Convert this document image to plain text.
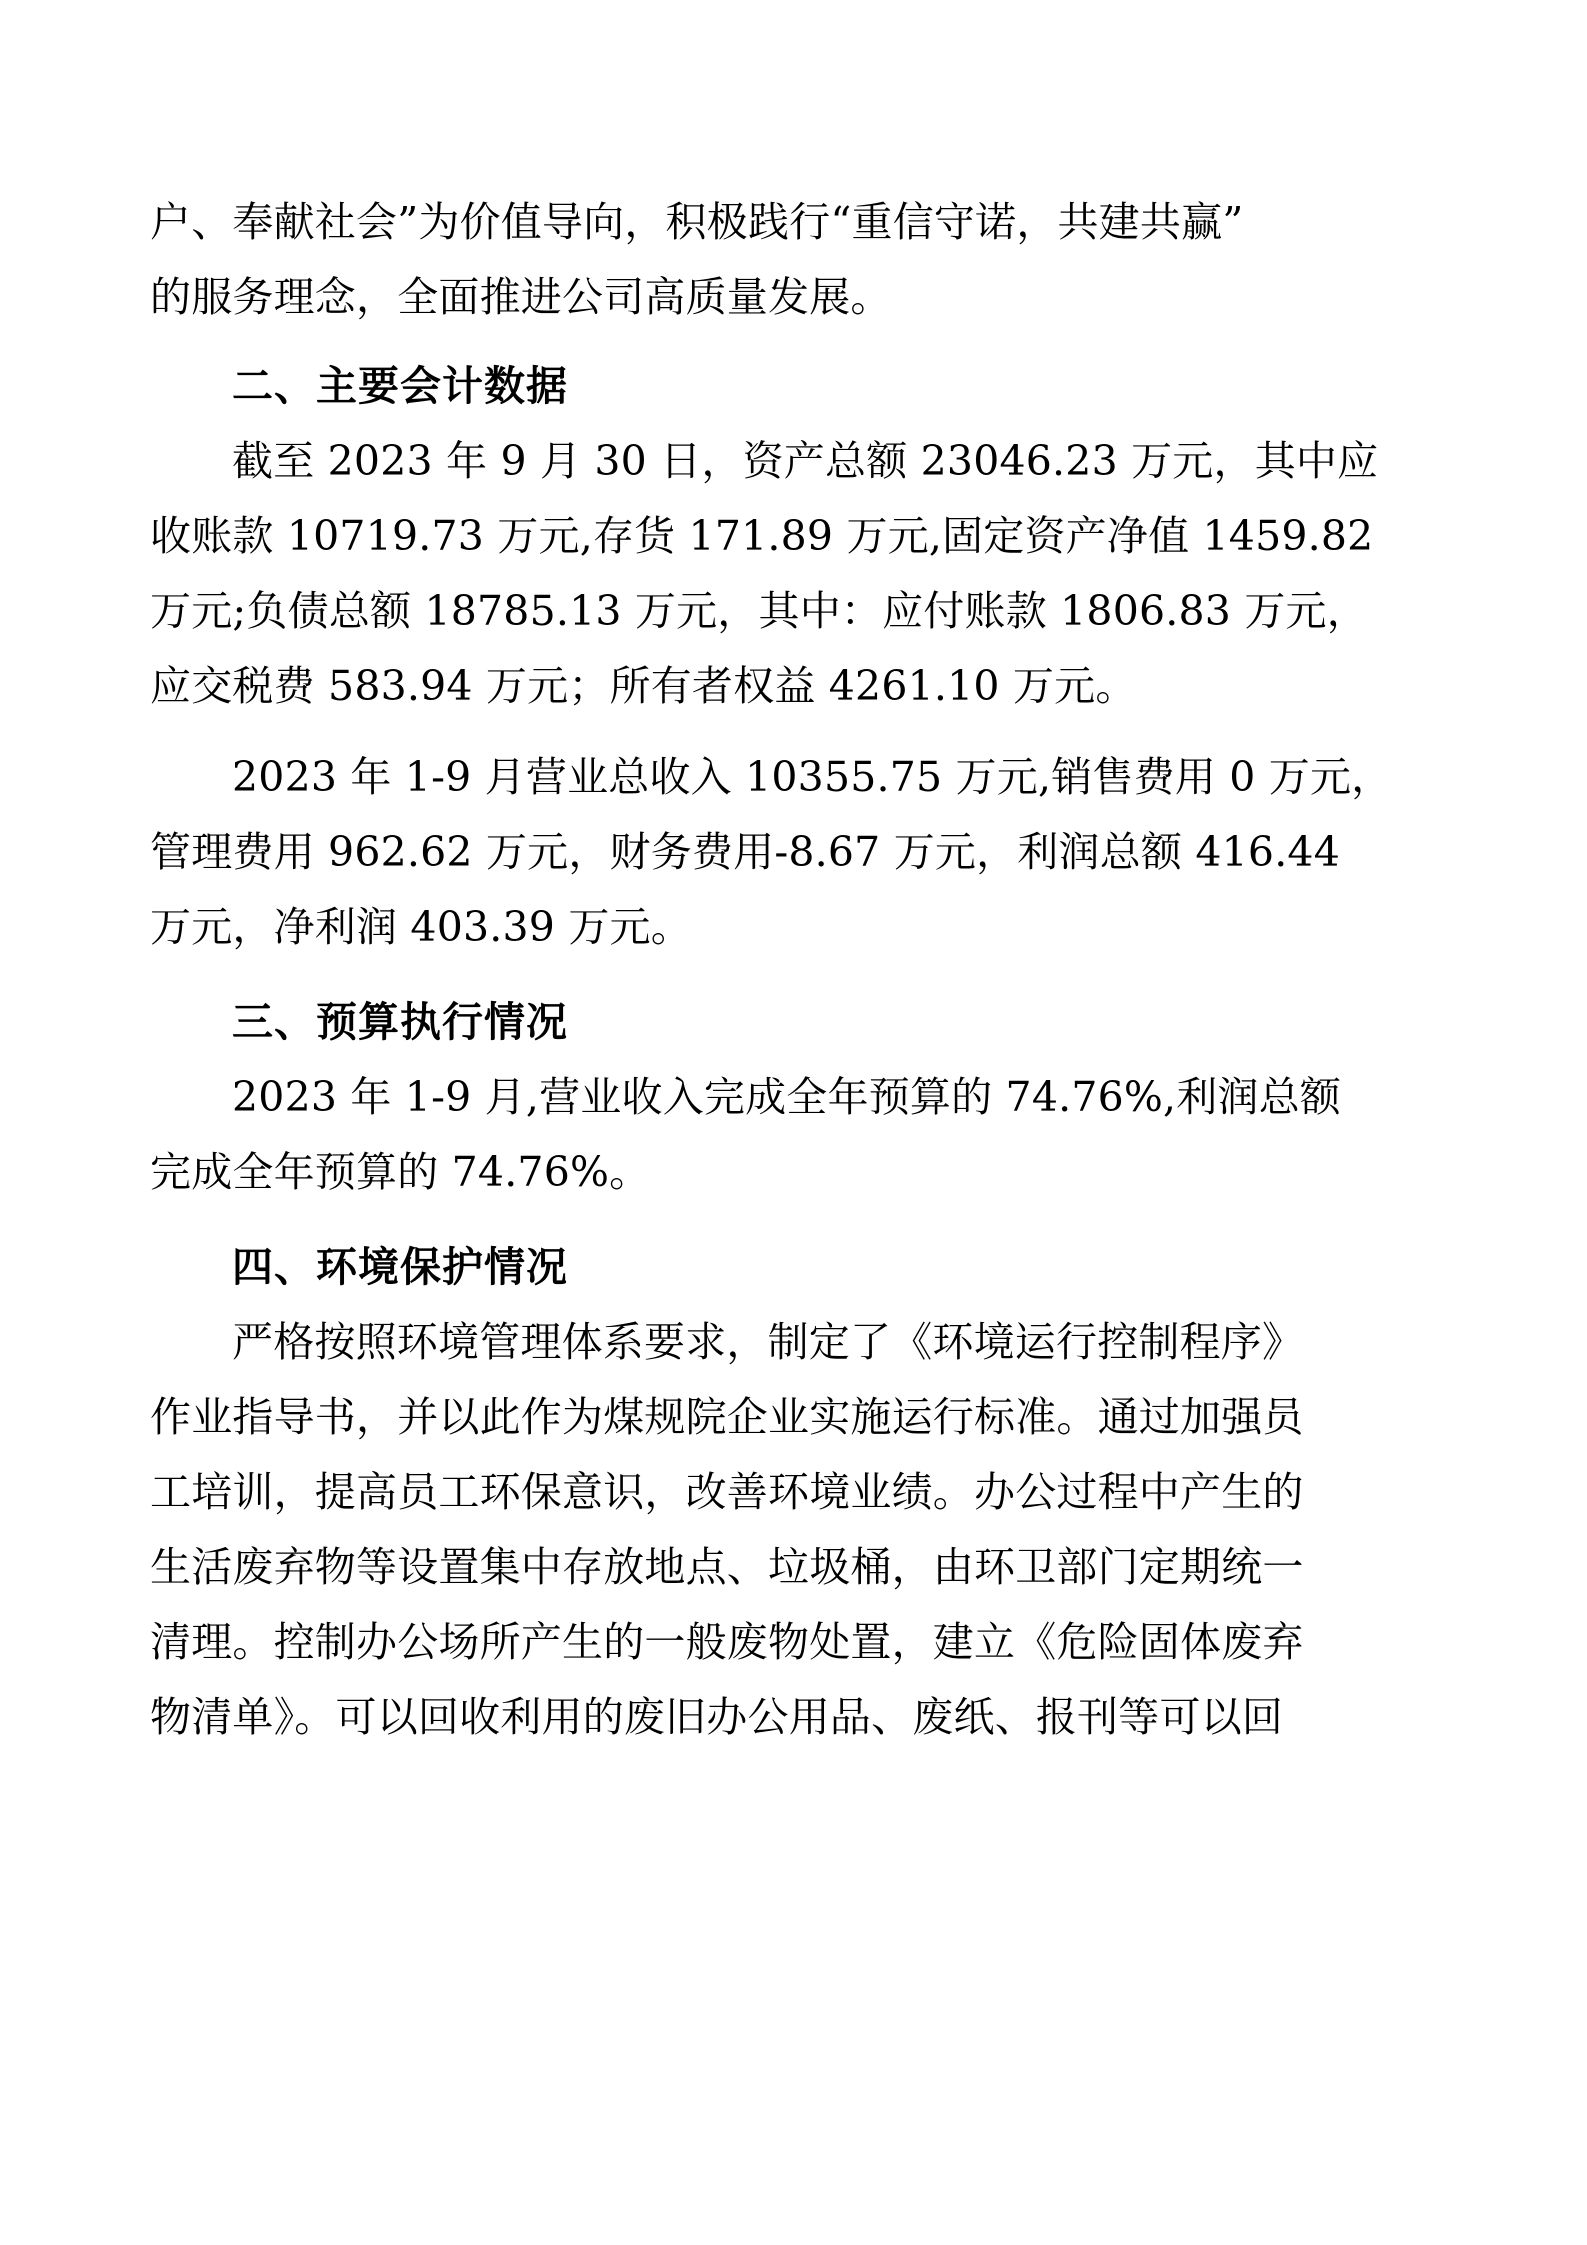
户、奉献社会”为价值导向，积极践行“重信守诺，共建共赢”
的服务理念，全面推进公司高质量发展。
二、主要会计数据
截至 2023 年 9 月 30 日，资产总额 23046.23 万元，其中应
收账款 10719.73 万元,存货 171.89 万元,固定资产净值 1459.82
万元;负债总额 18785.13 万元，其中：应付账款 1806.83 万元，
应交税费 583.94 万元；所有者权益 4261.10 万元。
2023 年 1-9 月营业总收入 10355.75 万元,销售费用 0 万元，
管理费用 962.62 万元，财务费用-8.67 万元，利润总额 416.44
万元，净利润 403.39 万元。
三、预算执行情况
2023 年 1-9 月,营业收入完成全年预算的 74.76%,利润总额
完成全年预算的 74.76%。
四、环境保护情况
严格按照环境管理体系要求，制定了《环境运行控制程序》
作业指导书，并以此作为煤规院企业实施运行标准。通过加强员
工培训，提高员工环保意识，改善环境业绩。办公过程中产生的
生活废弃物等设置集中存放地点、垃圾桶，由环卫部门定期统一
清理。控制办公场所产生的一般废物处置，建立《危险固体废弃
物清单》。可以回收利用的废旧办公用品、废纸、报刊等可以回
